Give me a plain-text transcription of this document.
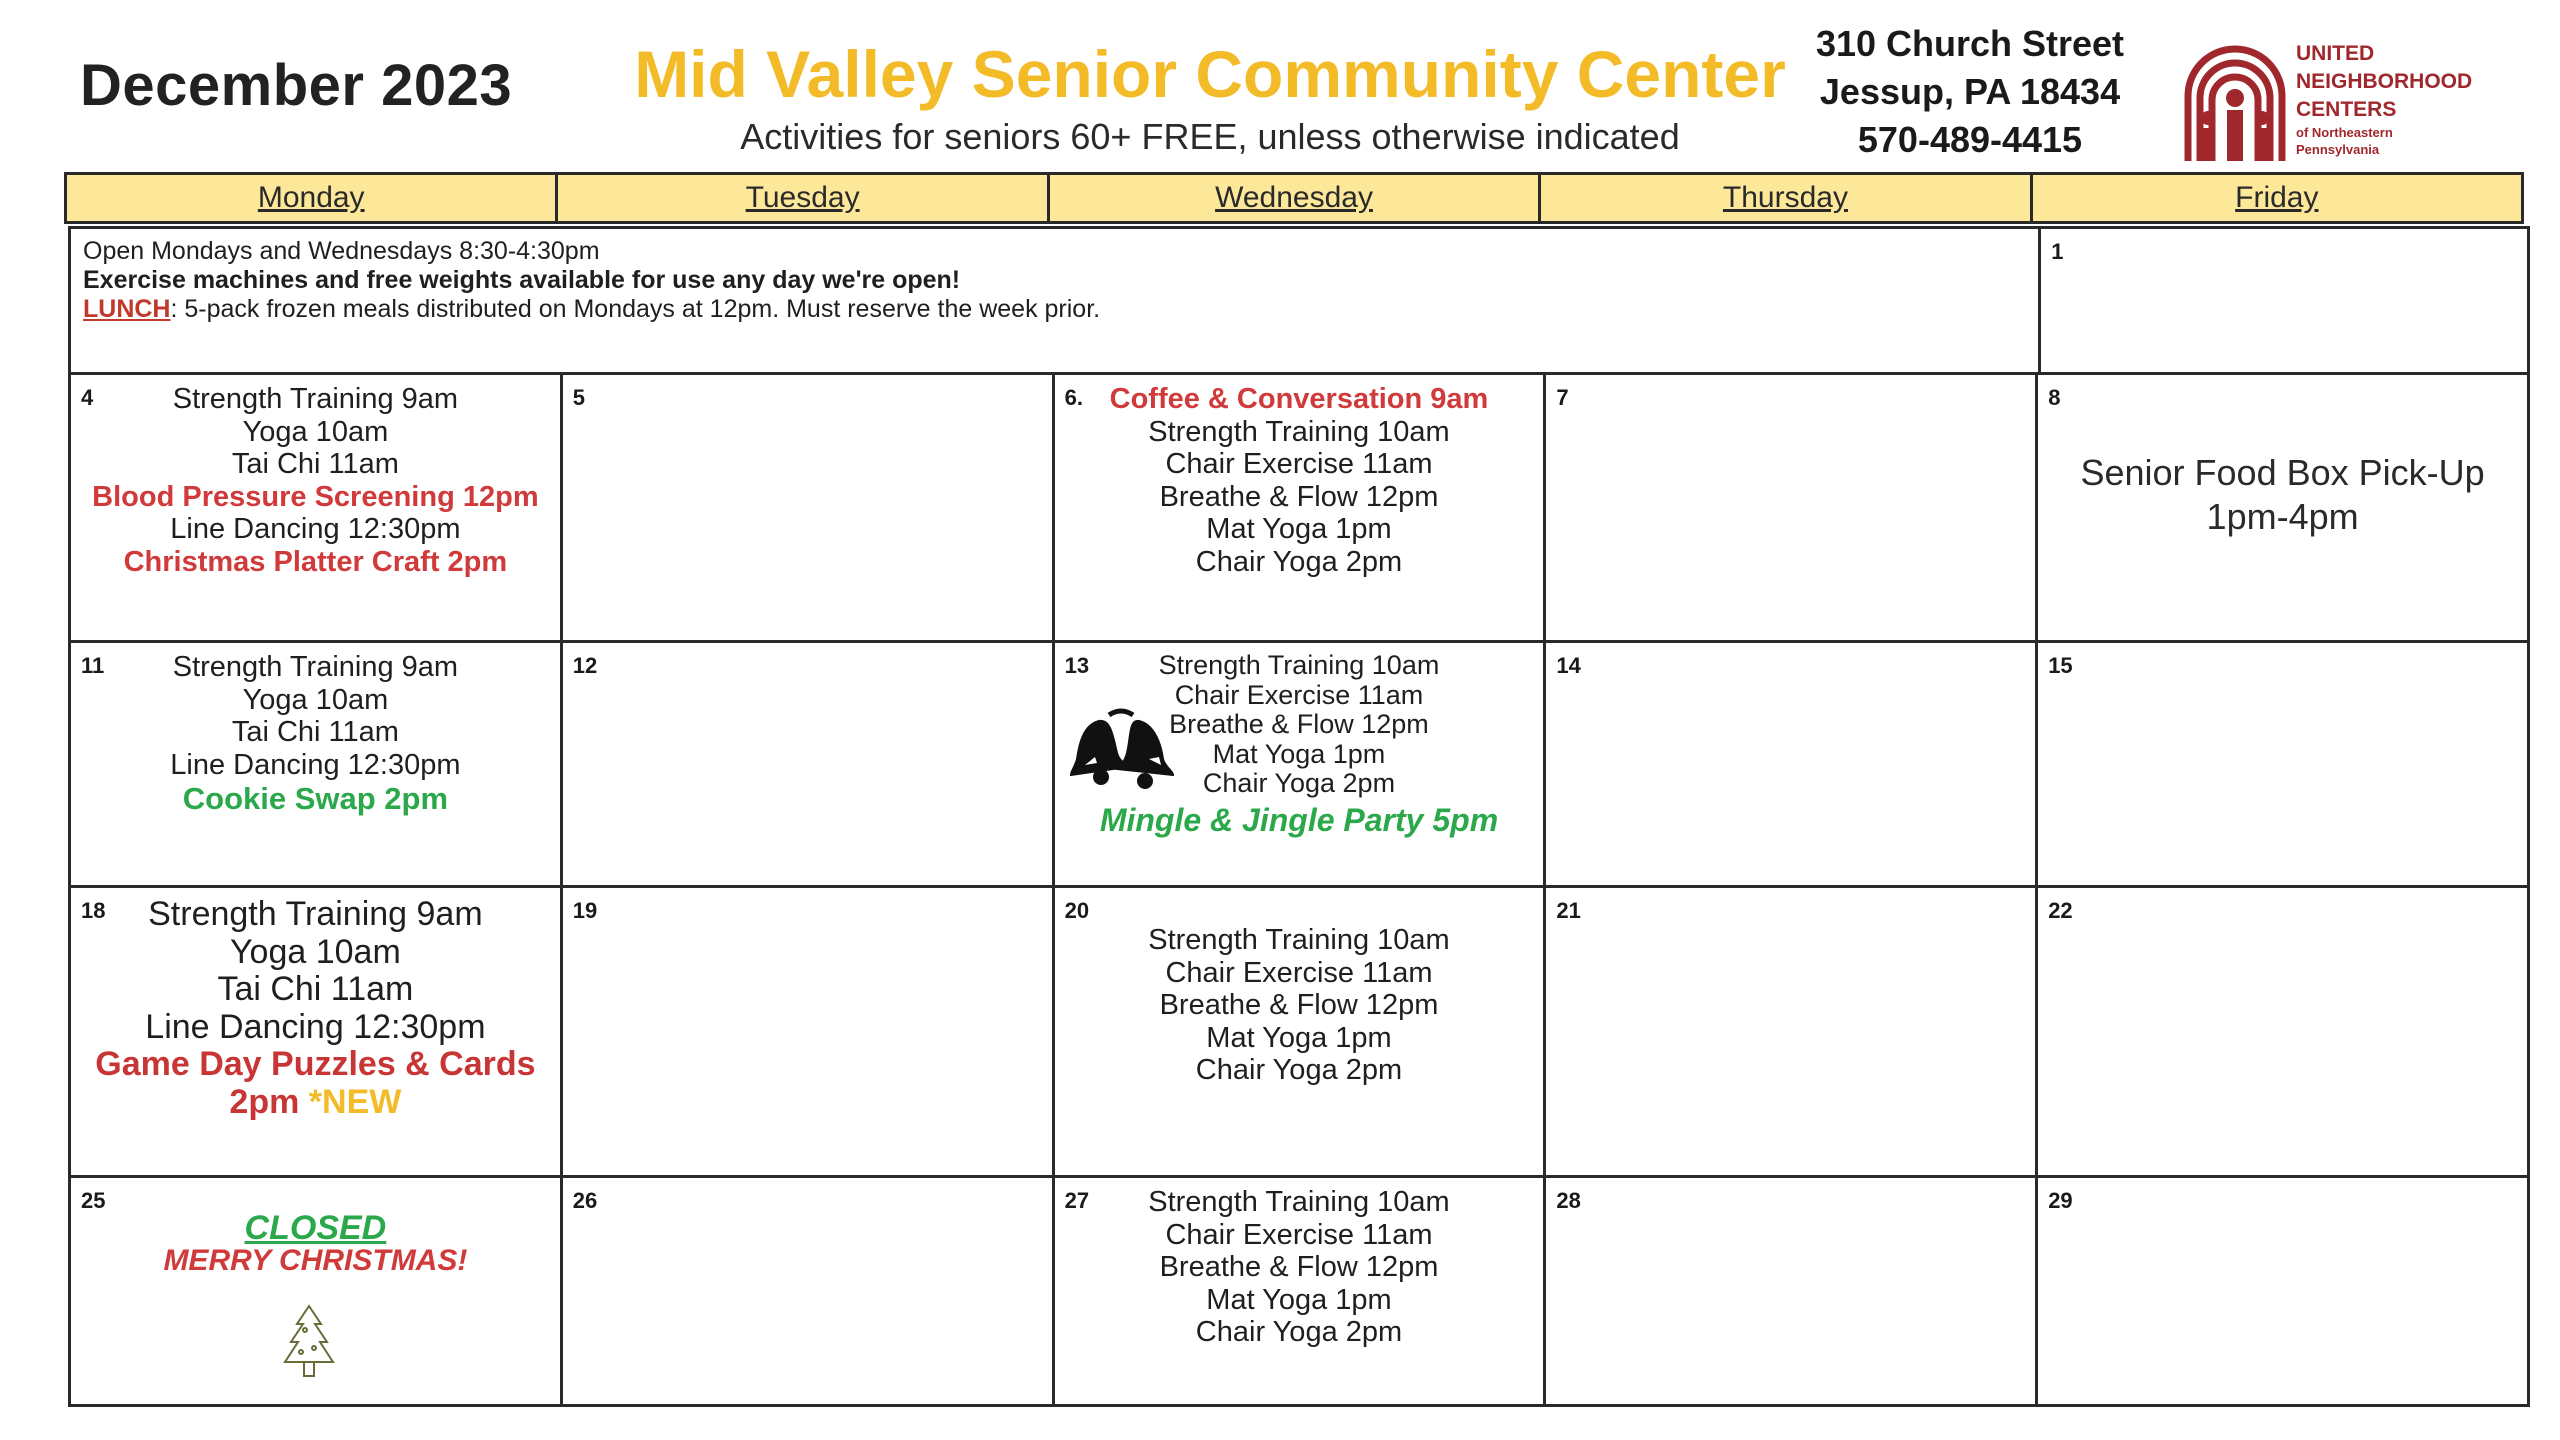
December 2023 Mid Valley Senior Community Center
Activities for seniors 60+ FREE, unless otherwise indicated
310 Church Street
Jessup, PA 18434
570-489-4415
UNITED
NEIGHBORHOOD
CENTERS
of Northeastern
Pennsylvania
Monday	Tuesday	Wednesday	Thursday	Friday
Open Mondays and Wednesdays 8:30-4:30pm
Exercise machines and free weights available for use any day we're open!
LUNCH: 5-pack frozen meals distributed on Mondays at 12pm. Must reserve the week prior.
1
4	Strength Training 9am
Yoga 10am
Tai Chi 11am
Blood Pressure Screening 12pm
Line Dancing 12:30pm
Christmas Platter Craft 2pm
5	6. Coffee & Conversation 9am
Strength Training 10am
Chair Exercise 11am
Breathe & Flow 12pm
Mat Yoga 1pm
Chair Yoga 2pm
7	8
Senior Food Box Pick-Up
1pm-4pm
11	Strength Training 9am
Yoga 10am
Tai Chi 11am
Line Dancing 12:30pm
Cookie Swap 2pm
12	13	Strength Training 10am
Chair Exercise 11am
Breathe & Flow 12pm
Mat Yoga 1pm
Chair Yoga 2pm
Mingle & Jingle Party 5pm
14	15
18	Strength Training 9am
Yoga 10am
Tai Chi 11am
Line Dancing 12:30pm
Game Day Puzzles & Cards
2pm *NEW
19	20
Strength Training 10am
Chair Exercise 11am
Breathe & Flow 12pm
Mat Yoga 1pm
Chair Yoga 2pm
21	22
25
CLOSED
MERRY CHRISTMAS!
26	27	Strength Training 10am
Chair Exercise 11am
Breathe & Flow 12pm
Mat Yoga 1pm
Chair Yoga 2pm
28	29
